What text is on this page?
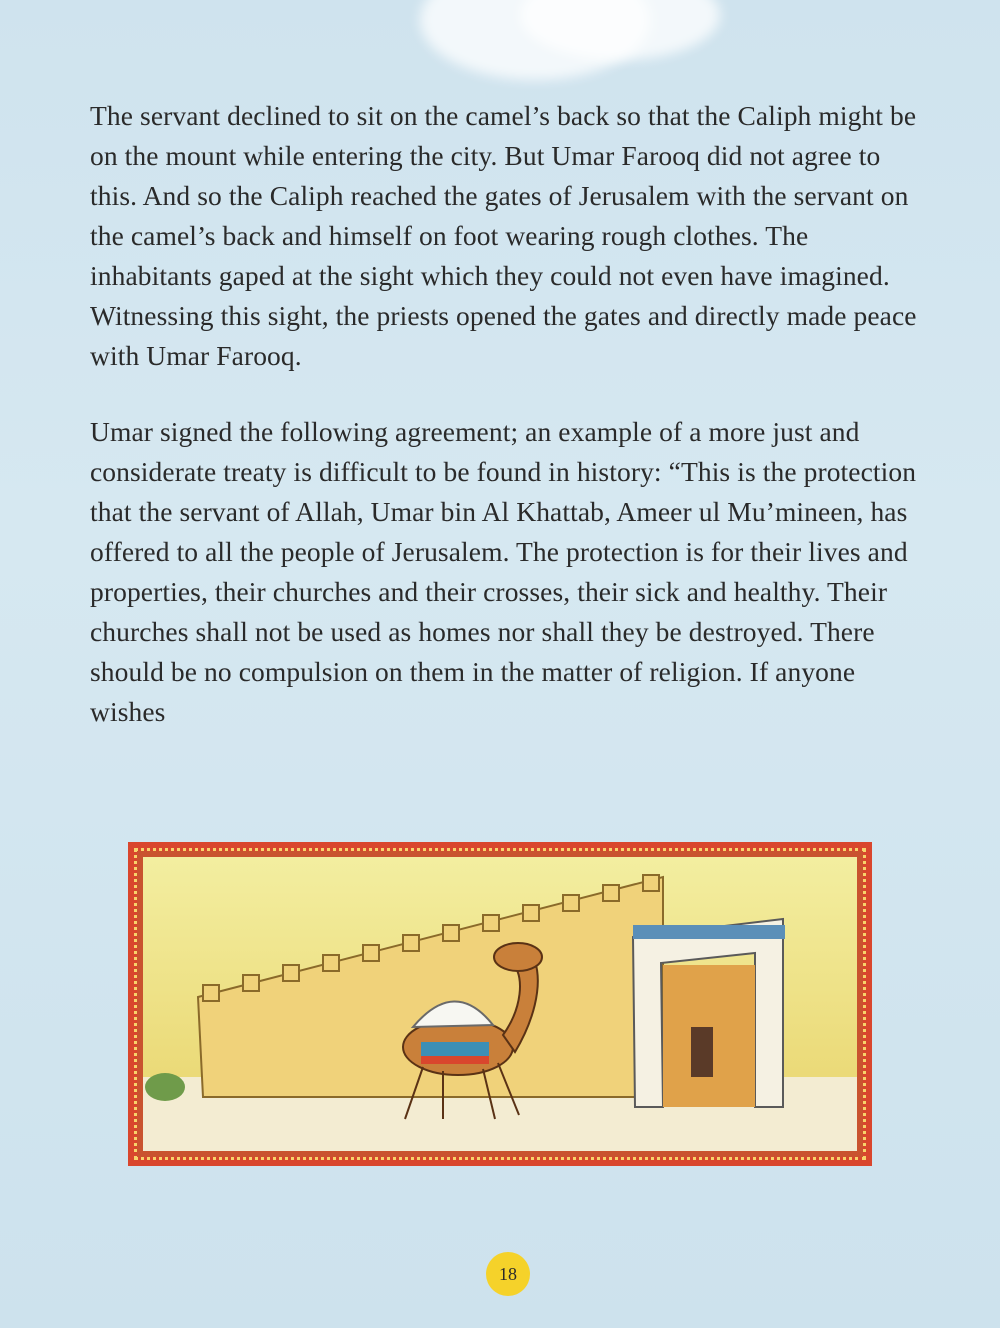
The servant declined to sit on the camel’s back so that the Caliph might be on the mount while entering the city. But Umar Farooq did not agree to this. And so the Caliph reached the gates of Jerusalem with the servant on the camel’s back and himself on foot wearing rough clothes. The inhabitants gaped at the sight which they could not even have imagined. Witnessing this sight, the priests opened the gates and directly made peace with Umar Farooq.

Umar signed the following agreement; an example of a more just and considerate treaty is difficult to be found in history: “This is the protection that the servant of Allah, Umar bin Al Khattab, Ameer ul Mu’mineen, has offered to all the people of Jerusalem. The protection is for their lives and properties, their churches and their crosses, their sick and healthy. Their churches shall not be used as homes nor shall they be destroyed. There should be no compulsion on them in the matter of religion. If anyone wishes

18
